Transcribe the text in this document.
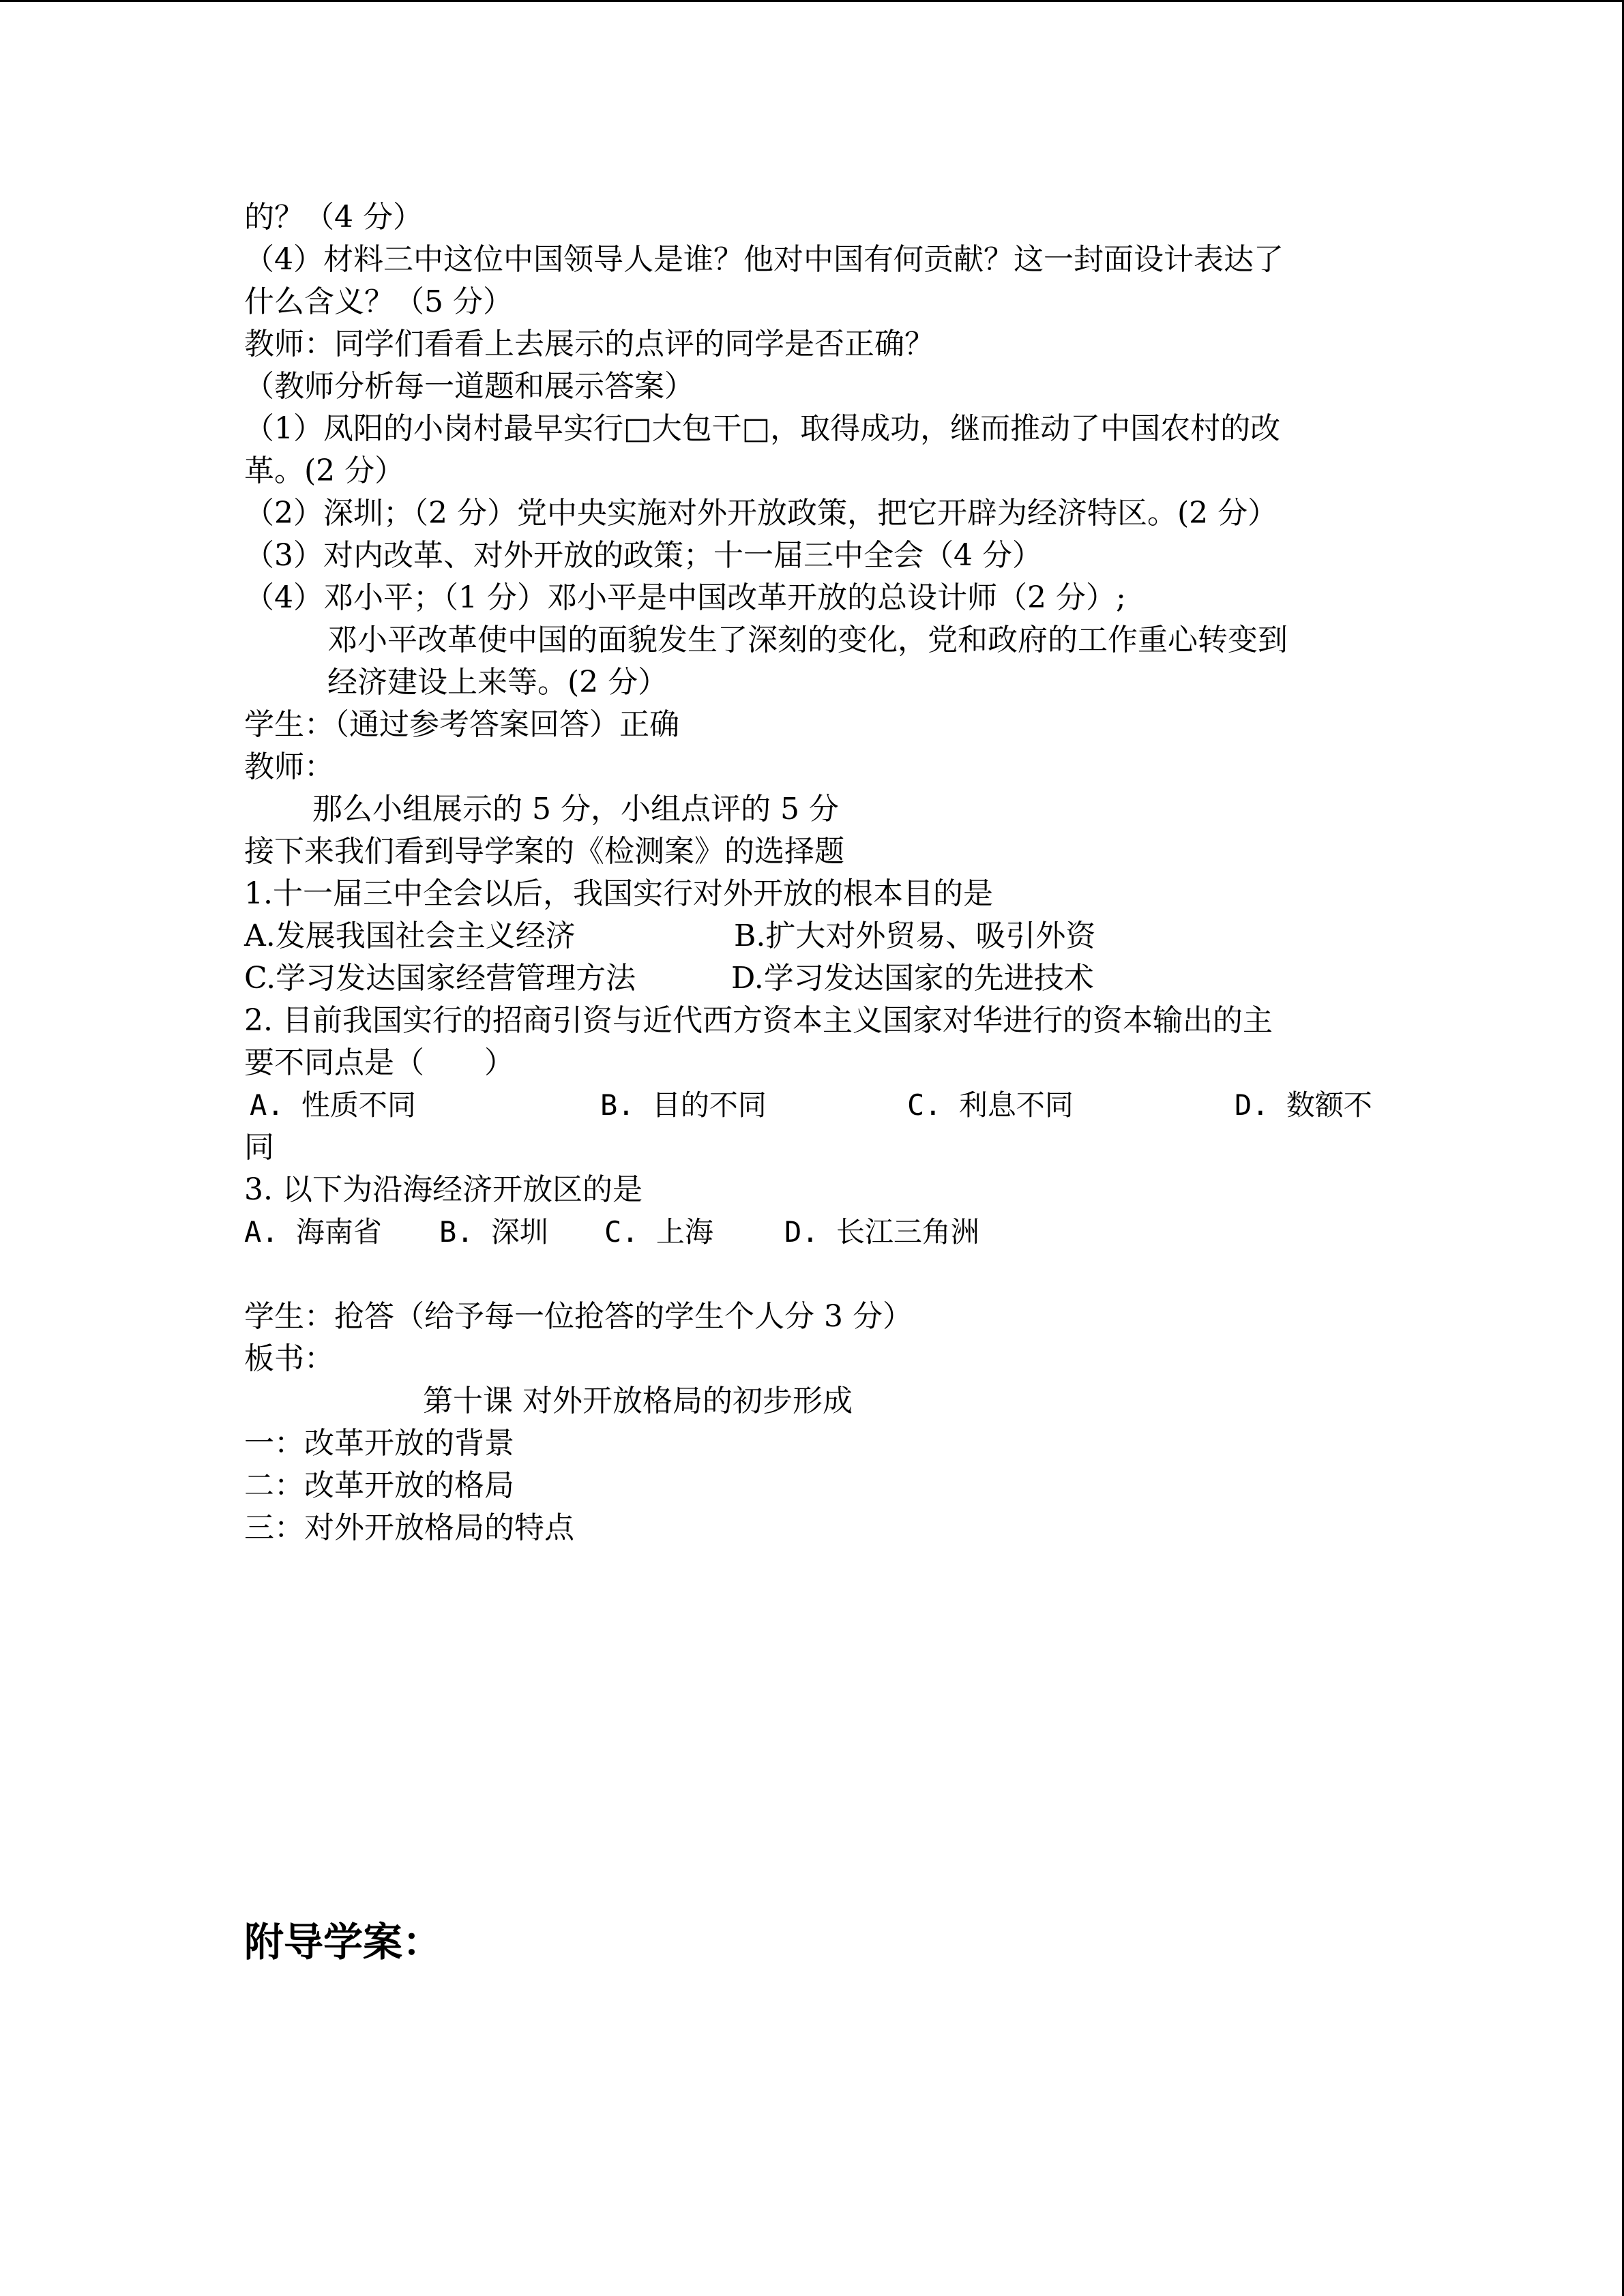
的？（4 分）
（4）材料三中这位中国领导人是谁？他对中国有何贡献？这一封面设计表达了
什么含义？（5 分）
教师：同学们看看上去展示的点评的同学是否正确？
（教师分析每一道题和展示答案）
（1）凤阳的小岗村最早实行□大包干□，取得成功，继而推动了中国农村的改
革。(2 分）
（2）深圳；（2 分）党中央实施对外开放政策，把它开辟为经济特区。(2 分）
（3）对内改革、对外开放的政策；十一届三中全会（4 分）
（4）邓小平；（1 分）邓小平是中国改革开放的总设计师（2 分）;
邓小平改革使中国的面貌发生了深刻的变化，党和政府的工作重心转变到
经济建设上来等。(2 分）
学生：（通过参考答案回答）正确
教师：
那么小组展示的 5 分，小组点评的 5 分
接下来我们看到导学案的《检测案》的选择题
1.十一届三中全会以后，我国实行对外开放的根本目的是
A.发展我国社会主义经济	B.扩大对外贸易、吸引外资
C.学习发达国家经营管理方法	D.学习发达国家的先进技术
2. 目前我国实行的招商引资与近代西方资本主义国家对华进行的资本输出的主
要不同点是（　　）
A. 性质不同	B. 目的不同	C. 利息不同	D. 数额不
同
3. 以下为沿海经济开放区的是
A. 海南省 B. 深圳 C. 上海 D. 长江三角洲
学生：抢答（给予每一位抢答的学生个人分 3 分）
板书：
第十课 对外开放格局的初步形成
一：改革开放的背景
二：改革开放的格局
三：对外开放格局的特点
附导学案：
